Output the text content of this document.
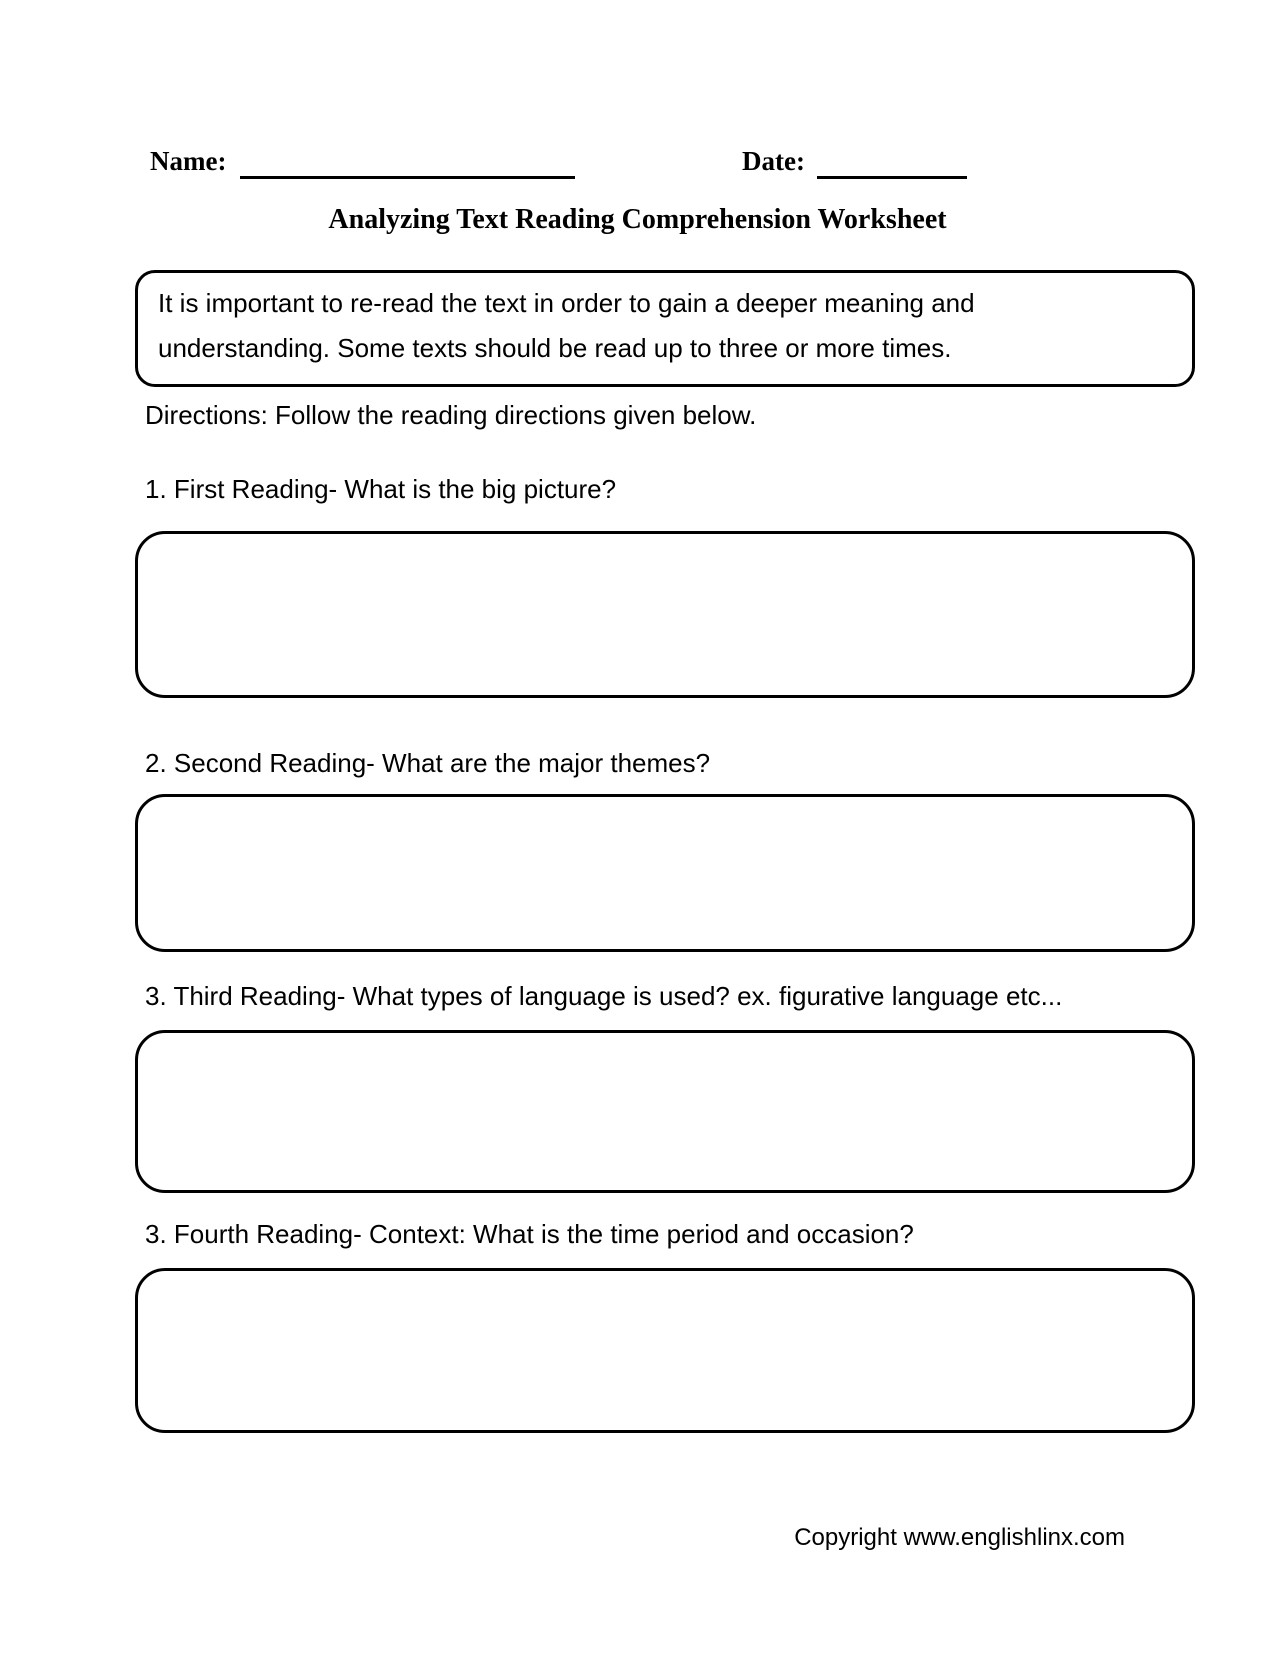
Name:	Date:
Analyzing Text Reading Comprehension Worksheet
It is important to re-read the text in order to gain a deeper meaning and understanding. Some texts should be read up to three or more times.
Directions: Follow the reading directions given below.
1. First Reading- What is the big picture?
2. Second Reading- What are the major themes?
3. Third Reading- What types of language is used? ex. figurative language etc...
3. Fourth Reading- Context: What is the time period and occasion?
Copyright www.englishlinx.com
